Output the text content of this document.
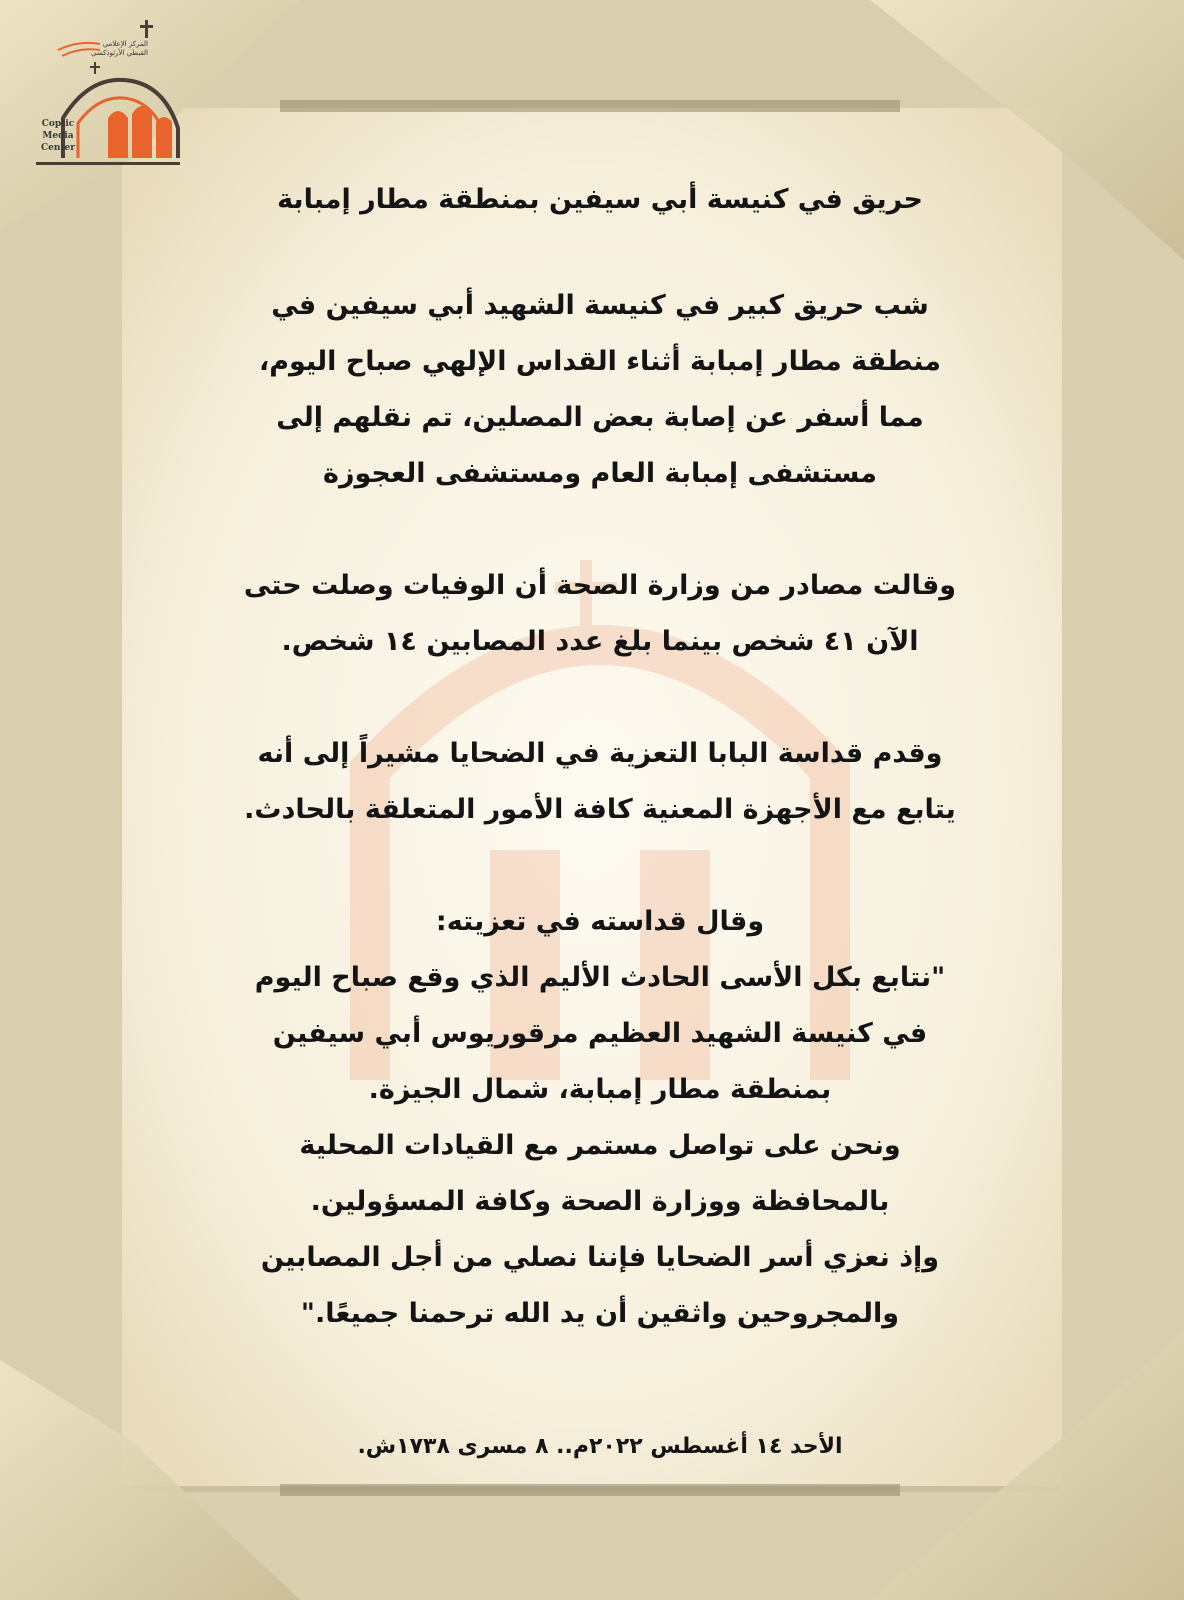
المركز الإعلامي
القبطي الأرثوذكسي
Coptic
Media
Center

حريق في كنيسة أبي سيفين بمنطقة مطار إمبابة

شب حريق كبير في كنيسة الشهيد أبي سيفين في

منطقة مطار إمبابة أثناء القداس الإلهي صباح اليوم،

مما أسفر عن إصابة بعض المصلين، تم نقلهم إلى

مستشفى إمبابة العام ومستشفى العجوزة

وقالت مصادر من وزارة الصحة أن الوفيات وصلت حتى

الآن ٤١ شخص بينما بلغ عدد المصابين ١٤ شخص.

وقدم قداسة البابا التعزية في الضحايا مشيراً إلى أنه

يتابع مع الأجهزة المعنية كافة الأمور المتعلقة بالحادث.

وقال قداسته في تعزيته:

"نتابع بكل الأسى الحادث الأليم الذي وقع صباح اليوم

في كنيسة الشهيد العظيم مرقوريوس أبي سيفين

بمنطقة مطار إمبابة، شمال الجيزة.

ونحن على تواصل مستمر مع القيادات المحلية

بالمحافظة ووزارة الصحة وكافة المسؤولين.

وإذ نعزي أسر الضحايا فإننا نصلي من أجل المصابين

والمجروحين واثقين أن يد الله ترحمنا جميعًا."

الأحد ١٤ أغسطس ٢٠٢٢م.. ٨ مسرى ١٧٣٨ش.
